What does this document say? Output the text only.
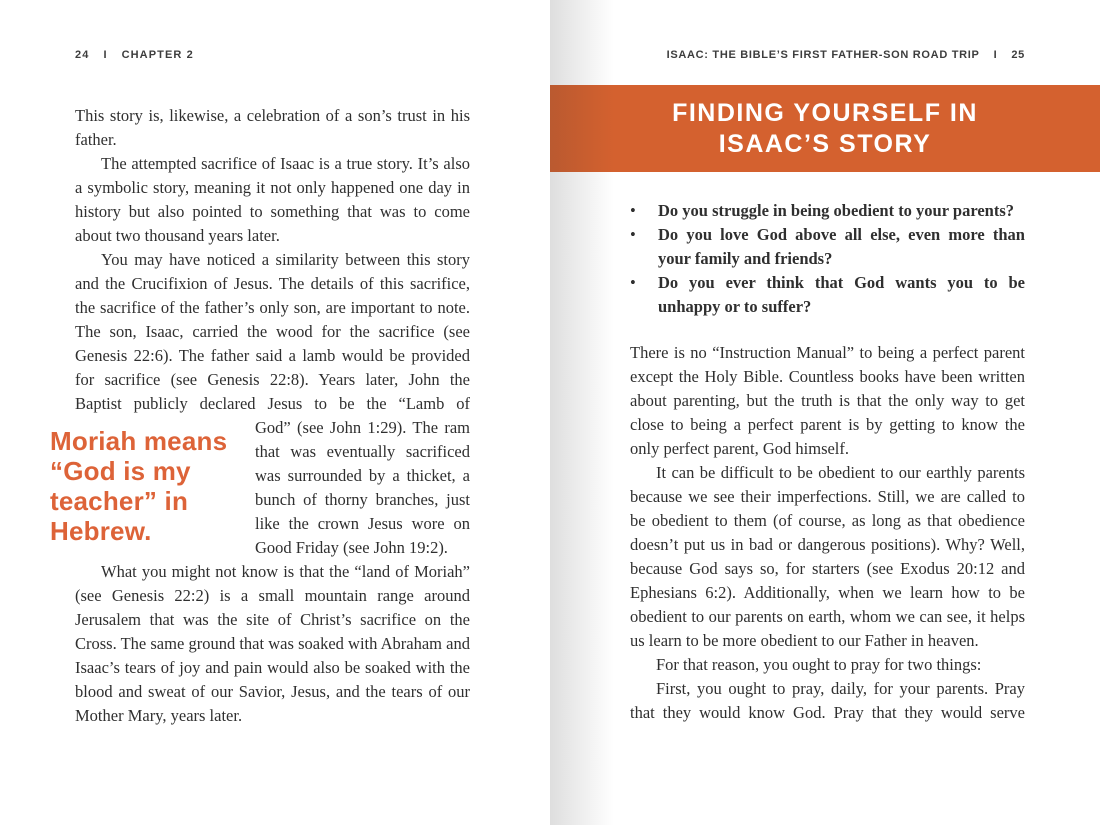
24 I CHAPTER 2

This story is, likewise, a celebration of a son’s trust in his father.

The attempted sacrifice of Isaac is a true story. It’s also a symbolic story, meaning it not only happened one day in history but also pointed to something that was to come about two thousand years later.

You may have noticed a similarity between this story and the Crucifixion of Jesus. The details of this sacrifice, the sacrifice of the father’s only son, are important to note. The son, Isaac, carried the wood for the sacrifice (see Genesis 22:6). The father said a lamb would be provided for sacrifice (see Genesis 22:8). Years later, John the Baptist publicly declared Jesus to be the “Lamb of

Moriah means “God is my teacher” in Hebrew.
God” (see John 1:29). The ram that was eventually sacrificed was surrounded by a thicket, a bunch of thorny branches, just like the crown Jesus wore on Good Friday (see John 19:2).

What you might not know is that the “land of Moriah” (see Genesis 22:2) is a small mountain range around Jerusalem that was the site of Christ’s sacrifice on the Cross. The same ground that was soaked with Abraham and Isaac’s tears of joy and pain would also be soaked with the blood and sweat of our Savior, Jesus, and the tears of our Mother Mary, years later.

ISAAC: THE BIBLE’S FIRST FATHER-SON ROAD TRIP I 25
FINDING YOURSELF IN
ISAAC’S STORY
•	Do you struggle in being obedient to your parents?
•	Do you love God above all else, even more than your family and friends?
•	Do you ever think that God wants you to be unhappy or to suffer?

There is no “Instruction Manual” to being a perfect parent except the Holy Bible. Countless books have been written about parenting, but the truth is that the only way to get close to being a perfect parent is by getting to know the only perfect parent, God himself.

It can be difficult to be obedient to our earthly parents because we see their imperfections. Still, we are called to be obedient to them (of course, as long as that obedience doesn’t put us in bad or dangerous positions). Why? Well, because God says so, for starters (see Exodus 20:12 and Ephesians 6:2). Additionally, when we learn how to be obedient to our parents on earth, whom we can see, it helps us learn to be more obedient to our Father in heaven.

For that reason, you ought to pray for two things:

First, you ought to pray, daily, for your parents. Pray that they would know God. Pray that they would serve
